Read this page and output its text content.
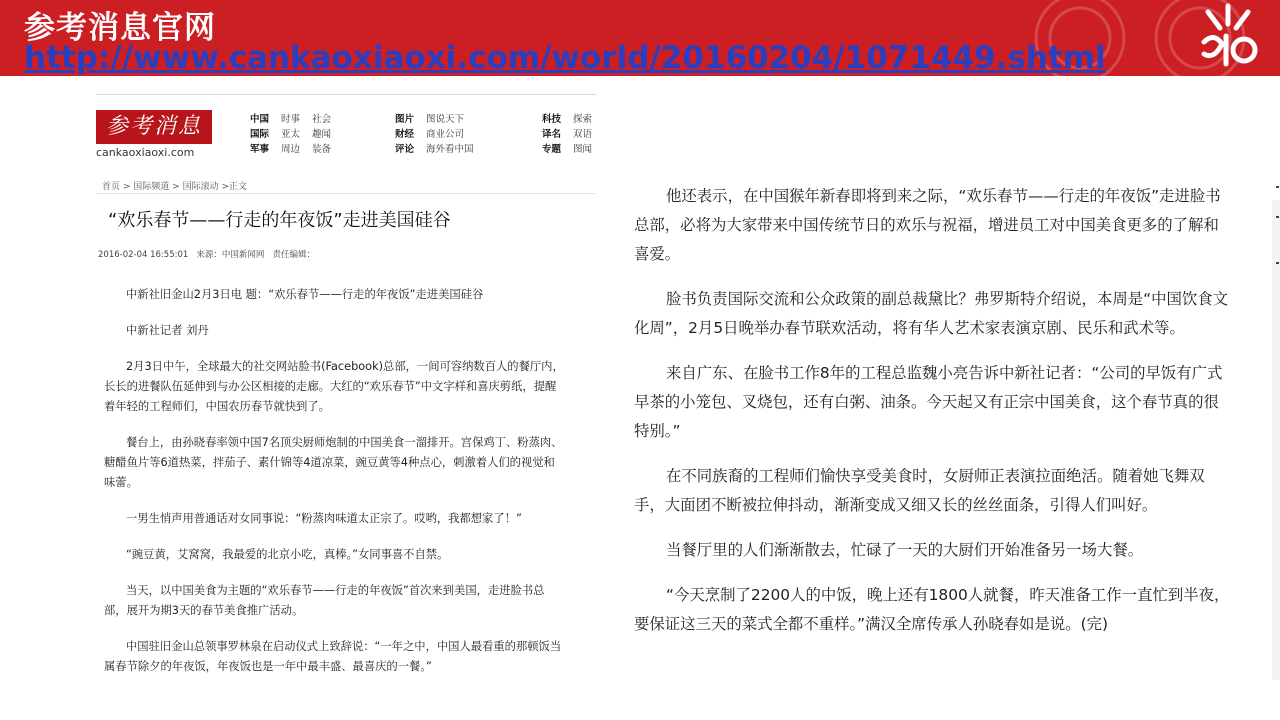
参考消息官网
http://www.cankaoxiaoxi.com/world/20160204/1071449.shtml
参考消息
cankaoxiaoxi.com
中国 时事 社会
国际 亚太 趣闻
军事 周边 装备
图片 图说天下
财经 商业公司
评论 海外看中国
科技 探索
译名 双语
专题 图闻
首页 > 国际频道 > 国际滚动 >正文
“欢乐春节——行走的年夜饭”走进美国硅谷
2016-02-04 16:55:01 来源：中国新闻网 责任编辑：

中新社旧金山2月3日电 题：“欢乐春节——行走的年夜饭”走进美国硅谷

中新社记者 刘丹

2月3日中午，全球最大的社交网站脸书(Facebook)总部，一间可容纳数百人的餐厅内，长长的进餐队伍延伸到与办公区相接的走廊。大红的“欢乐春节”中文字样和喜庆剪纸，提醒着年轻的工程师们，中国农历春节就快到了。

餐台上，由孙晓春率领中国7名顶尖厨师炮制的中国美食一溜排开。宫保鸡丁、粉蒸肉、糖醋鱼片等6道热菜，拌茄子、素什锦等4道凉菜，豌豆黄等4种点心，刺激着人们的视觉和味蕾。

一男生悄声用普通话对女同事说：“粉蒸肉味道太正宗了。哎哟，我都想家了！”

“豌豆黄，艾窝窝，我最爱的北京小吃，真棒。”女同事喜不自禁。

当天，以中国美食为主题的“欢乐春节——行走的年夜饭”首次来到美国，走进脸书总部，展开为期3天的春节美食推广活动。

中国驻旧金山总领事罗林泉在启动仪式上致辞说：“一年之中，中国人最看重的那顿饭当属春节除夕的年夜饭，年夜饭也是一年中最丰盛、最喜庆的一餐。”

他还表示，在中国猴年新春即将到来之际，“欢乐春节——行走的年夜饭”走进脸书总部，必将为大家带来中国传统节日的欢乐与祝福，增进员工对中国美食更多的了解和喜爱。

脸书负责国际交流和公众政策的副总裁黛比？弗罗斯特介绍说，本周是“中国饮食文化周”，2月5日晚举办春节联欢活动，将有华人艺术家表演京剧、民乐和武术等。

来自广东、在脸书工作8年的工程总监魏小亮告诉中新社记者：“公司的早饭有广式早茶的小笼包、叉烧包，还有白粥、油条。今天起又有正宗中国美食，这个春节真的很特别。”

在不同族裔的工程师们愉快享受美食时，女厨师正表演拉面绝活。随着她飞舞双手，大面团不断被拉伸抖动，渐渐变成又细又长的丝丝面条，引得人们叫好。

当餐厅里的人们渐渐散去，忙碌了一天的大厨们开始准备另一场大餐。

“今天烹制了2200人的中饭，晚上还有1800人就餐，昨天准备工作一直忙到半夜，要保证这三天的菜式全都不重样。”满汉全席传承人孙晓春如是说。(完)
